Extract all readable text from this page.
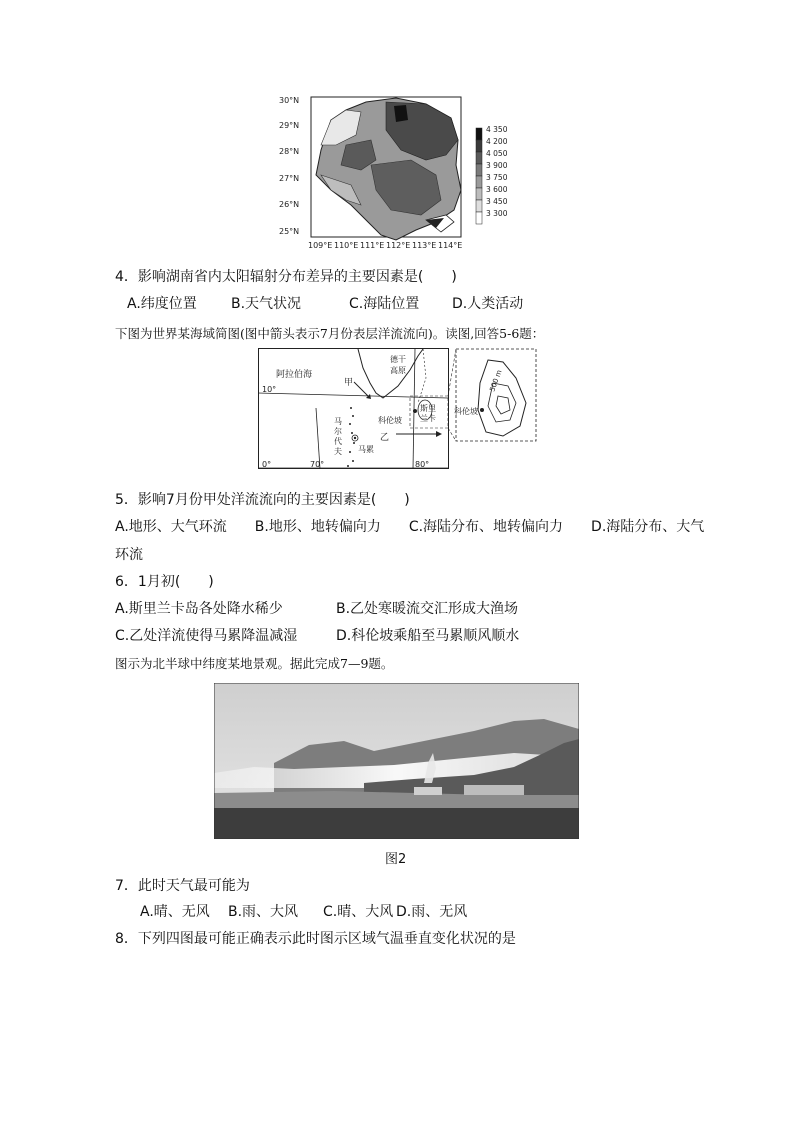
30°N
29°N
28°N
27°N
26°N
25°N
109°E 110°E 111°E 112°E 113°E 114°E
4 350
4 200
4 050
3 900
3 750
3 600
3 450
3 300
4．影响湖南省内太阳辐射分布差异的主要因素是(　　)
A.纬度位置 B.天气状况	C.海陆位置 D.人类活动
下图为世界某海域简图(图中箭头表示7月份表层洋流流向)。读图,回答5-6题：
阿拉伯海
甲
德干
高原
科伦坡
乙
马
尔
代
夫 马累
斯里
兰卡
10°
0°	70°	80°
500 m
科伦坡
5．影响7月份甲处洋流流向的主要因素是(　　)
A.地形、大气环流　　B.地形、地转偏向力　　C.海陆分布、地转偏向力　　D.海陆分布、大气
环流
6．1月初(　　)
A.斯里兰卡岛各处降水稀少	B.乙处寒暖流交汇形成大渔场
C.乙处洋流使得马累降温减湿	D.科伦坡乘船至马累顺风顺水
图示为北半球中纬度某地景观。据此完成7—9题。
图2
7．此时天气最可能为
A.晴、无风 B.雨、大风 C.晴、大风 D.雨、无风
8．下列四图最可能正确表示此时图示区域气温垂直变化状况的是
